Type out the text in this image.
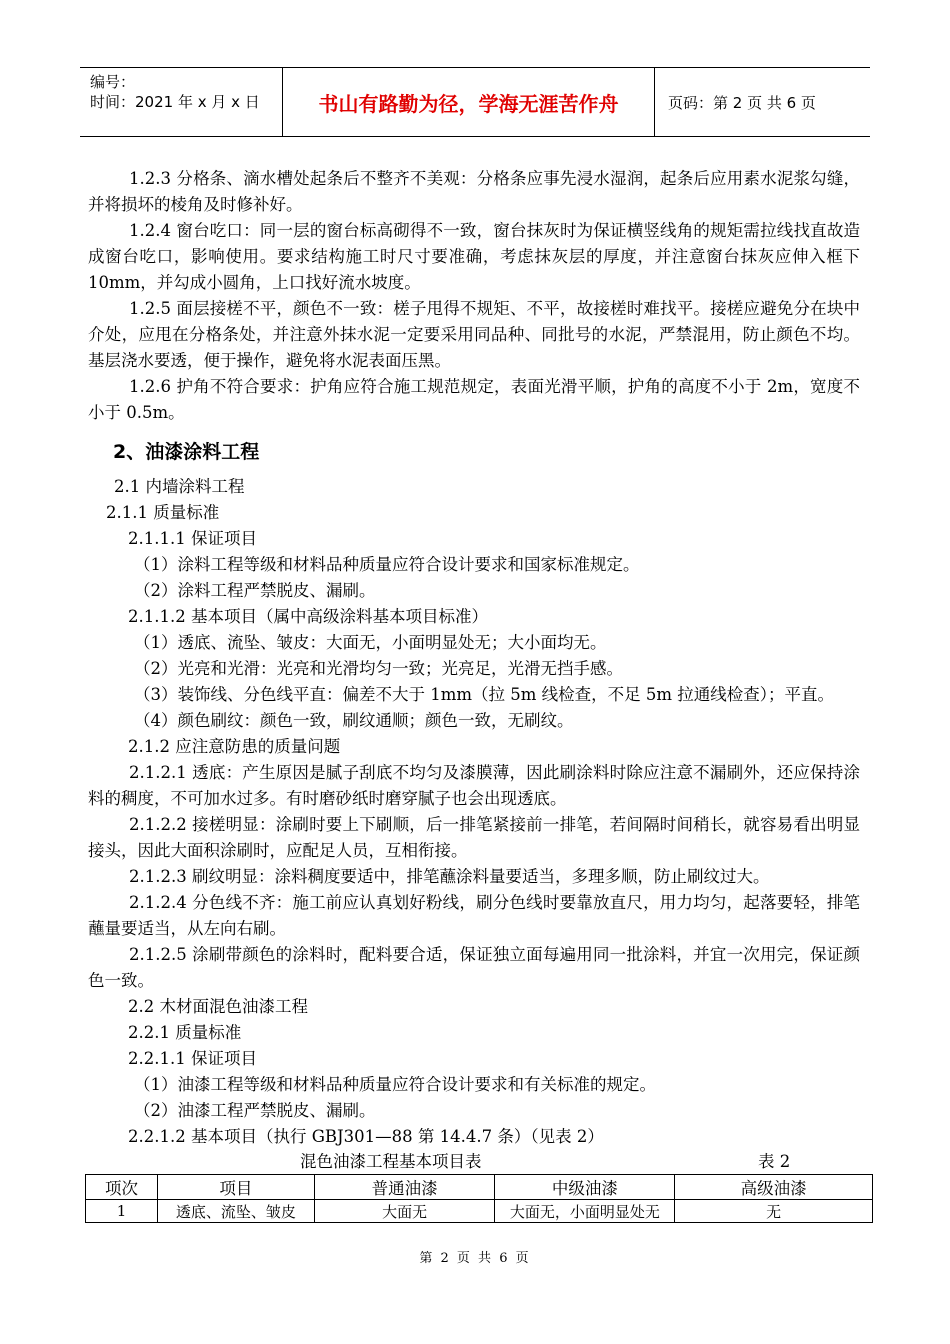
编号：
时间：2021 年 x 月 x 日	书山有路勤为径，学海无涯苦作舟	页码：第 2 页 共 6 页

1.2.3 分格条、滴水槽处起条后不整齐不美观：分格条应事先浸水湿润，起条后应用素水泥浆勾缝，并将损坏的棱角及时修补好。

1.2.4 窗台吃口：同一层的窗台标高砌得不一致，窗台抹灰时为保证横竖线角的规矩需拉线找直故造成窗台吃口，影响使用。要求结构施工时尺寸要准确，考虑抹灰层的厚度，并注意窗台抹灰应伸入框下 10mm，并勾成小圆角，上口找好流水坡度。

1.2.5 面层接槎不平，颜色不一致：槎子甩得不规矩、不平，故接槎时难找平。接槎应避免分在块中介处，应甩在分格条处，并注意外抹水泥一定要采用同品种、同批号的水泥，严禁混用，防止颜色不均。基层浇水要透，便于操作，避免将水泥表面压黑。

1.2.6 护角不符合要求：护角应符合施工规范规定，表面光滑平顺，护角的高度不小于 2m，宽度不小于 0.5m。

2、油漆涂料工程

2.1 内墙涂料工程

2.1.1 质量标准

2.1.1.1 保证项目

（1）涂料工程等级和材料品种质量应符合设计要求和国家标准规定。

（2）涂料工程严禁脱皮、漏刷。

2.1.1.2 基本项目（属中高级涂料基本项目标准）

（1）透底、流坠、皱皮：大面无，小面明显处无；大小面均无。

（2）光亮和光滑：光亮和光滑均匀一致；光亮足，光滑无挡手感。

（3）装饰线、分色线平直：偏差不大于 1mm（拉 5m 线检查，不足 5m 拉通线检查）；平直。

（4）颜色刷纹：颜色一致，刷纹通顺；颜色一致，无刷纹。

2.1.2 应注意防患的质量问题

2.1.2.1 透底：产生原因是腻子刮底不均匀及漆膜薄，因此刷涂料时除应注意不漏刷外，还应保持涂料的稠度，不可加水过多。有时磨砂纸时磨穿腻子也会出现透底。

2.1.2.2 接槎明显：涂刷时要上下刷顺，后一排笔紧接前一排笔，若间隔时间稍长，就容易看出明显接头，因此大面积涂刷时，应配足人员，互相衔接。

2.1.2.3 刷纹明显：涂料稠度要适中，排笔蘸涂料量要适当，多理多顺，防止刷纹过大。

2.1.2.4 分色线不齐：施工前应认真划好粉线，刷分色线时要靠放直尺，用力均匀，起落要轻，排笔蘸量要适当，从左向右刷。

2.1.2.5 涂刷带颜色的涂料时，配料要合适，保证独立面每遍用同一批涂料，并宜一次用完，保证颜色一致。

2.2 木材面混色油漆工程

2.2.1 质量标准

2.2.1.1 保证项目

（1）油漆工程等级和材料品种质量应符合设计要求和有关标准的规定。

（2）油漆工程严禁脱皮、漏刷。

2.2.1.2 基本项目（执行 GBJ301—88 第 14.4.7 条）（见表 2）

混色油漆工程基本项目表	表 2
项次	项目	普通油漆	中级油漆	高级油漆
1	透底、流坠、皱皮	大面无	大面无，小面明显处无	无
第 2 页 共 6 页
